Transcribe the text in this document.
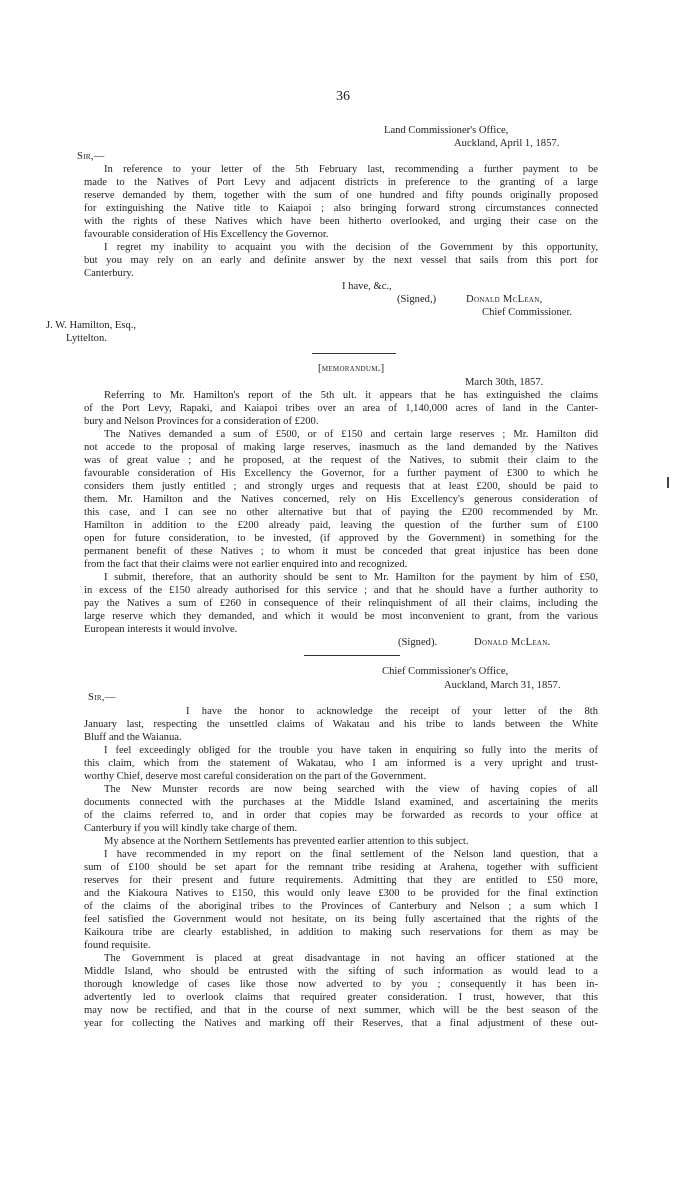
36
Land Commissioner's Office,
Auckland, April 1, 1857.
Sir,—
In reference to your letter of the 5th February last, recommending a further payment to be
made to the Natives of Port Levy and adjacent districts in preference to the granting of a large
reserve demanded by them, together with the sum of one hundred and fifty pounds originally proposed
for extinguishing the Native title to Kaiapoi ; also bringing forward strong circumstances connected
with the rights of these Natives which have been hitherto overlooked, and urging their case on the
favourable consideration of His Excellency the Governor.
I regret my inability to acquaint you with the decision of the Government by this opportunity,
but you may rely on an early and definite answer by the next vessel that sails from this port for
Canterbury.
I have, &c.,
(Signed,)	Donald McLean,
Chief Commissioner.
J. W. Hamilton, Esq.,
Lyttelton.
[memorandum.]
March 30th, 1857.
Referring to Mr. Hamilton's report of the 5th ult. it appears that he has extinguished the claims
of the Port Levy, Rapaki, and Kaiapoi tribes over an area of 1,140,000 acres of land in the Canter-
bury and Nelson Provinces for a consideration of £200.
The Natives demanded a sum of £500, or of £150 and certain large reserves ; Mr. Hamilton did
not accede to the proposal of making large reserves, inasmuch as the land demanded by the Natives
was of great value ; and he proposed, at the request of the Natives, to submit their claim to the
favourable consideration of His Excellency the Governor, for a further payment of £300 to which he
considers them justly entitled ; and strongly urges and requests that at least £200, should be paid to
them. Mr. Hamilton and the Natives concerned, rely on His Excellency's generous consideration of
this case, and I can see no other alternative but that of paying the £200 recommended by Mr.
Hamilton in addition to the £200 already paid, leaving the question of the further sum of £100
open for future consideration, to be invested, (if approved by the Government) in something for the
permanent benefit of these Natives ; to whom it must be conceded that great injustice has been done
from the fact that their claims were not earlier enquired into and recognized.
I submit, therefore, that an authority should be sent to Mr. Hamilton for the payment by him of £50,
in excess of the £150 already authorised for this service ; and that he should have a further authority to
pay the Natives a sum of £260 in consequence of their relinquishment of all their claims, including the
large reserve which they demanded, and which it would be most inconvenient to grant, from the various
European interests it would involve.
(Signed).	Donald McLean.
Chief Commissioner's Office,
Auckland, March 31, 1857.
Sir,—
I have the honor to acknowledge the receipt of your letter of the 8th
January last, respecting the unsettled claims of Wakatau and his tribe to lands between the White
Bluff and the Waianua.
I feel exceedingly obliged for the trouble you have taken in enquiring so fully into the merits of
this claim, which from the statement of Wakatau, who I am informed is a very upright and trust-
worthy Chief, deserve most careful consideration on the part of the Government.
The New Munster records are now being searched with the view of having copies of all
documents connected with the purchases at the Middle Island examined, and ascertaining the merits
of the claims referred to, and in order that copies may be forwarded as records to your office at
Canterbury if you will kindly take charge of them.
My absence at the Northern Settlements has prevented earlier attention to this subject.
I have recommended in my report on the final settlement of the Nelson land question, that a
sum of £100 should be set apart for the remnant tribe residing at Arahena, together with sufficient
reserves for their present and future requirements. Admitting that they are entitled to £50 more,
and the Kiakoura Natives to £150, this would only leave £300 to be provided for the final extinction
of the claims of the aboriginal tribes to the Provinces of Canterbury and Nelson ; a sum which I
feel satisfied the Government would not hesitate, on its being fully ascertained that the rights of the
Kaikoura tribe are clearly established, in addition to making such reservations for them as may be
found requisite.
The Government is placed at great disadvantage in not having an officer stationed at the
Middle Island, who should be entrusted with the sifting of such information as would lead to a
thorough knowledge of cases like those now adverted to by you ; consequently it has been in-
advertently led to overlook claims that required greater consideration. I trust, however, that this
may now be rectified, and that in the course of next summer, which will be the best season of the
year for collecting the Natives and marking off their Reserves, that a final adjustment of these out-
